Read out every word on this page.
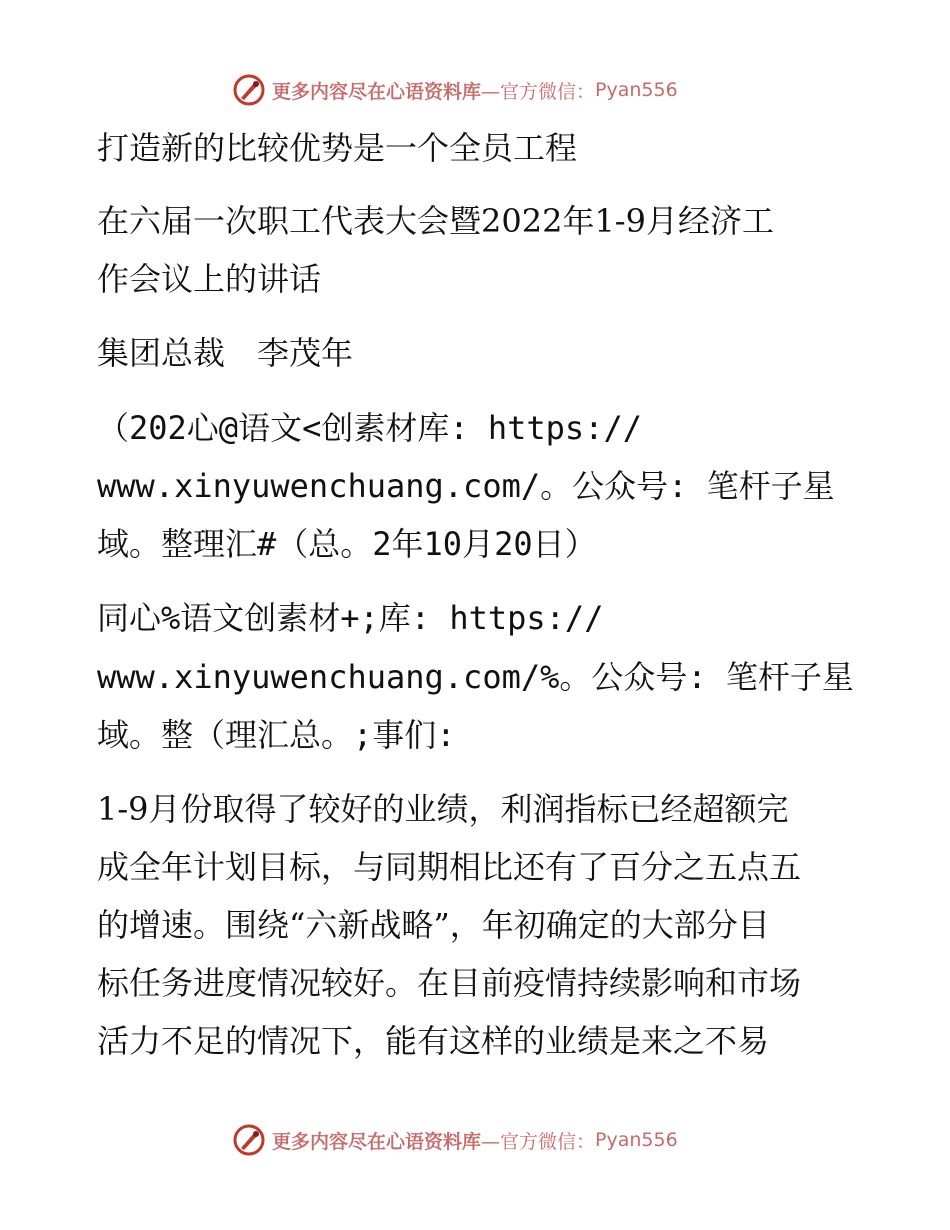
更多内容尽在心语资料库 —官方微信： Pyan556
打造新的比较优势是一个全员工程
在六届一次职工代表大会暨2022年1-9月经济工
作会议上的讲话
集团总裁　李茂年
（202心@语文<创素材库: https://
www.xinyuwenchuang.com/。公众号: 笔杆子星
域。整理汇#（总。2年10月20日）
同心%语文创素材+;库: https://
www.xinyuwenchuang.com/%。公众号: 笔杆子星
域。整（理汇总。;事们:
1-9月份取得了较好的业绩，利润指标已经超额完
成全年计划目标，与同期相比还有了百分之五点五
的增速。围绕“六新战略”，年初确定的大部分目
标任务进度情况较好。在目前疫情持续影响和市场
活力不足的情况下，能有这样的业绩是来之不易
更多内容尽在心语资料库 —官方微信： Pyan556
